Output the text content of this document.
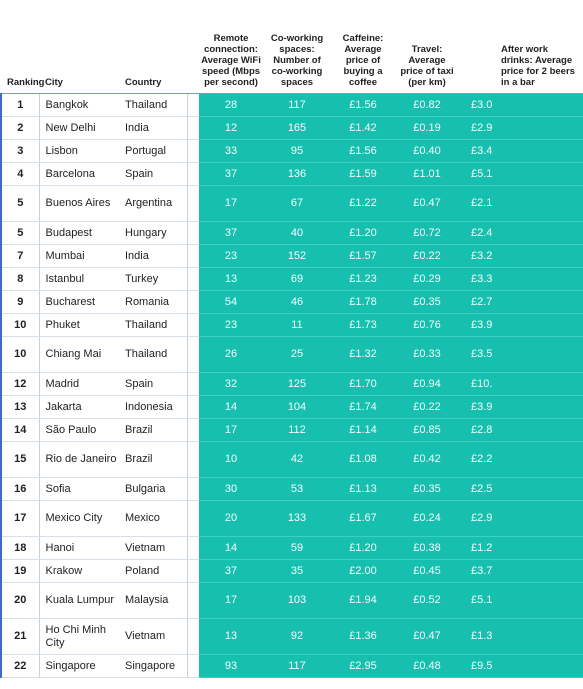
Ranking	City	Country		Remote connection: Average WiFi speed (Mbps per second)	Co-working spaces: Number of co-working spaces	Caffeine: Average price of buying a coffee	Travel: Average price of taxi (per km)	After work drinks: Average price for 2 beers in a bar
1	Bangkok	Thailand		28	117	£1.56	£0.82	£3.0
2	New Delhi	India		12	165	£1.42	£0.19	£2.9
3	Lisbon	Portugal		33	95	£1.56	£0.40	£3.4
4	Barcelona	Spain		37	136	£1.59	£1.01	£5.1
5	Buenos Aires	Argentina		17	67	£1.22	£0.47	£2.1
5	Budapest	Hungary		37	40	£1.20	£0.72	£2.4
7	Mumbai	India		23	152	£1.57	£0.22	£3.2
8	Istanbul	Turkey		13	69	£1.23	£0.29	£3.3
9	Bucharest	Romania		54	46	£1.78	£0.35	£2.7
10	Phuket	Thailand		23	11	£1.73	£0.76	£3.9
10	Chiang Mai	Thailand		26	25	£1.32	£0.33	£3.5
12	Madrid	Spain		32	125	£1.70	£0.94	£10.
13	Jakarta	Indonesia		14	104	£1.74	£0.22	£3.9
14	São Paulo	Brazil		17	112	£1.14	£0.85	£2.8
15	Rio de Janeiro	Brazil		10	42	£1.08	£0.42	£2.2
16	Sofia	Bulgaria		30	53	£1.13	£0.35	£2.5
17	Mexico City	Mexico		20	133	£1.67	£0.24	£2.9
18	Hanoi	Vietnam		14	59	£1.20	£0.38	£1.2
19	Krakow	Poland		37	35	£2.00	£0.45	£3.7
20	Kuala Lumpur	Malaysia		17	103	£1.94	£0.52	£5.1
21	Ho Chi Minh City	Vietnam		13	92	£1.36	£0.47	£1.3
22	Singapore	Singapore		93	117	£2.95	£0.48	£9.5
